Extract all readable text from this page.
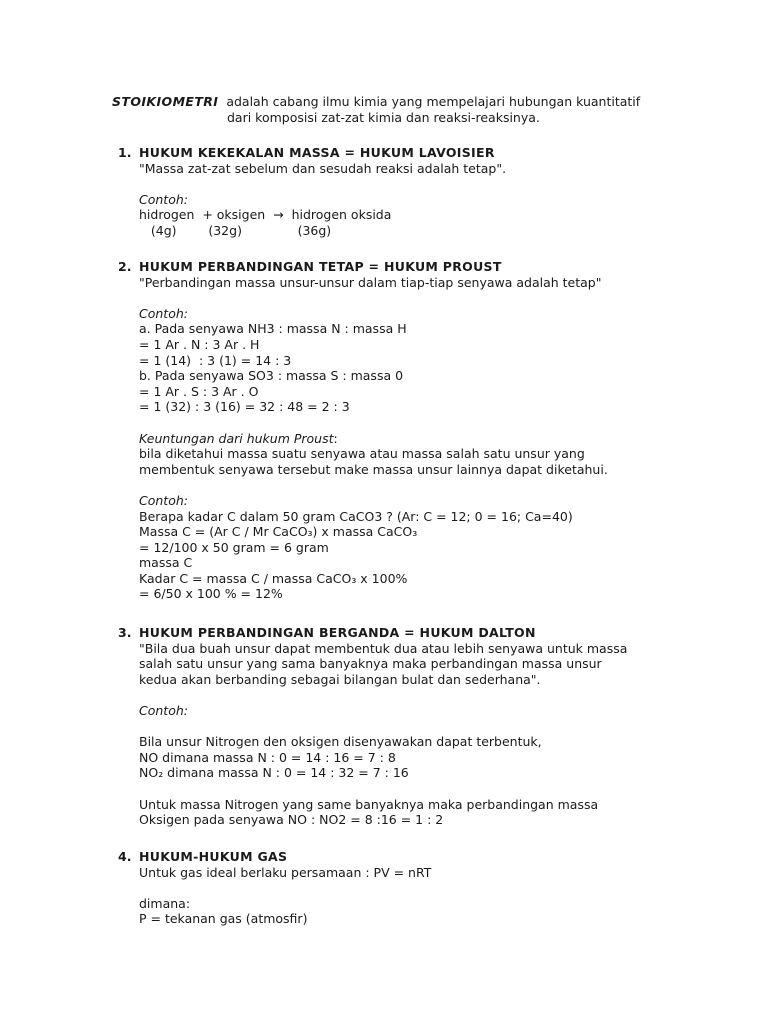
STOIKIOMETRI adalah cabang ilmu kimia yang mempelajari hubungan kuantitatif
dari komposisi zat-zat kimia dan reaksi-reaksinya.
1. HUKUM KEKEKALAN MASSA = HUKUM LAVOISIER
"Massa zat-zat sebelum dan sesudah reaksi adalah tetap".
Contoh:
hidrogen  + oksigen  →  hidrogen oksida
(4g)        (32g)              (36g)
2. HUKUM PERBANDINGAN TETAP = HUKUM PROUST
"Perbandingan massa unsur-unsur dalam tiap-tiap senyawa adalah tetap"
Contoh:
a. Pada senyawa NH3 : massa N : massa H
= 1 Ar . N : 3 Ar . H
= 1 (14)  : 3 (1) = 14 : 3
b. Pada senyawa SO3 : massa S : massa 0
= 1 Ar . S : 3 Ar . O
= 1 (32) : 3 (16) = 32 : 48 = 2 : 3
Keuntungan dari hukum Proust:
bila diketahui massa suatu senyawa atau massa salah satu unsur yang
membentuk senyawa tersebut make massa unsur lainnya dapat diketahui.
Contoh:
Berapa kadar C dalam 50 gram CaCO3 ? (Ar: C = 12; 0 = 16; Ca=40)
Massa C = (Ar C / Mr CaCO₃) x massa CaCO₃
= 12/100 x 50 gram = 6 gram
massa C
Kadar C = massa C / massa CaCO₃ x 100%
= 6/50 x 100 % = 12%
3. HUKUM PERBANDINGAN BERGANDA = HUKUM DALTON
"Bila dua buah unsur dapat membentuk dua atau lebih senyawa untuk massa
salah satu unsur yang sama banyaknya maka perbandingan massa unsur
kedua akan berbanding sebagai bilangan bulat dan sederhana".
Contoh:
Bila unsur Nitrogen den oksigen disenyawakan dapat terbentuk,
NO dimana massa N : 0 = 14 : 16 = 7 : 8
NO₂ dimana massa N : 0 = 14 : 32 = 7 : 16
Untuk massa Nitrogen yang same banyaknya maka perbandingan massa
Oksigen pada senyawa NO : NO2 = 8 :16 = 1 : 2
4. HUKUM-HUKUM GAS
Untuk gas ideal berlaku persamaan : PV = nRT
dimana:
P = tekanan gas (atmosfir)
